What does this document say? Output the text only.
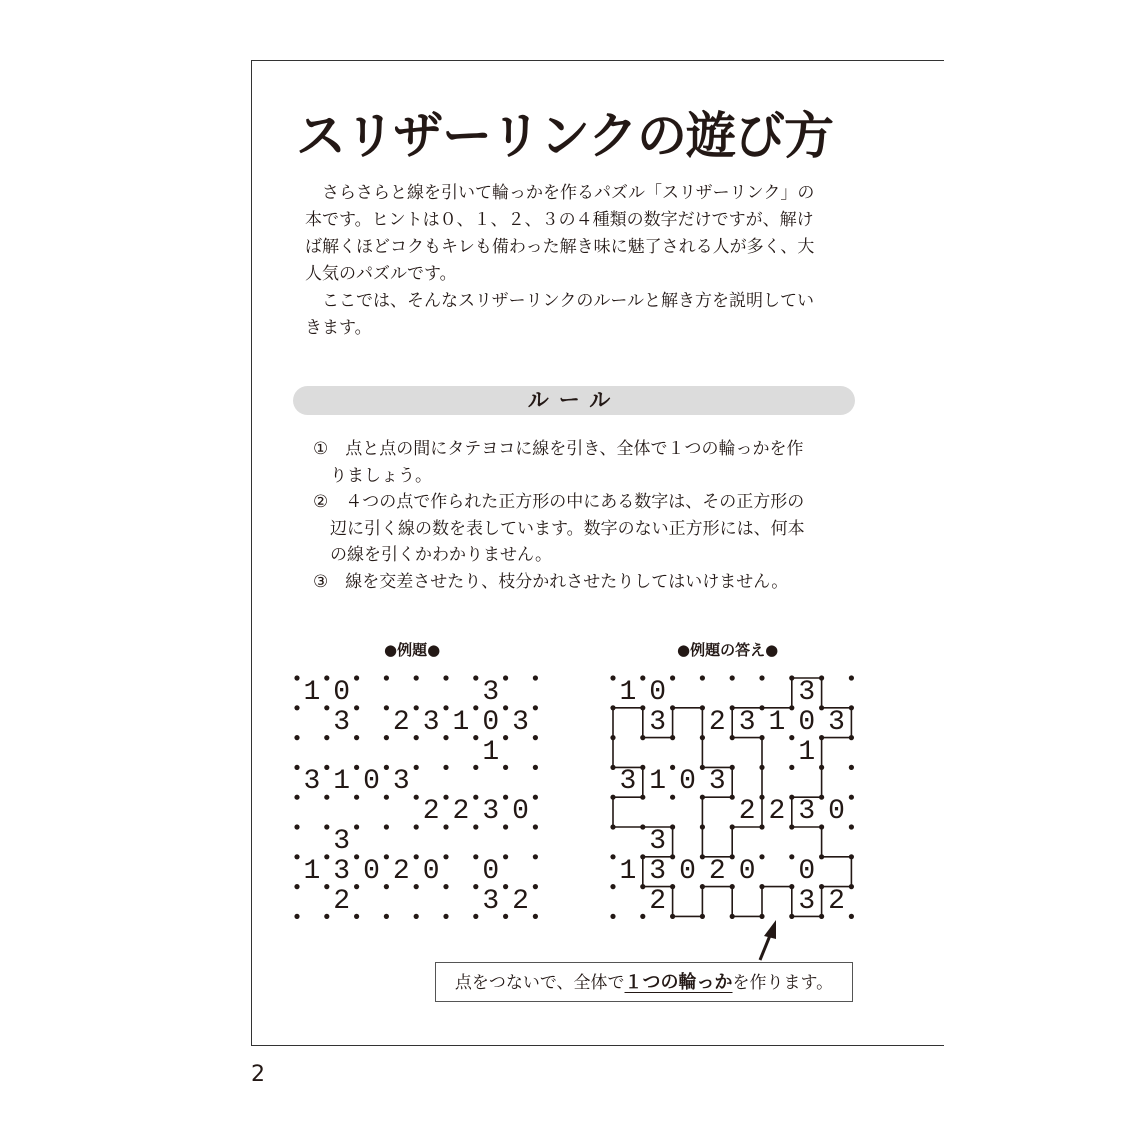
スリザーリンクの遊び方
　さらさらと線を引いて輪っかを作るパズル「スリザーリンク」の
本です。ヒントは０、１、２、３の４種類の数字だけですが、解け
ば解くほどコクもキレも備わった解き味に魅了される人が多く、大
人気のパズルです。
　ここでは、そんなスリザーリンクのルールと解き方を説明してい
きます。
ルール
①　点と点の間にタテヨコに線を引き、全体で１つの輪っかを作
　りましょう。
②　４つの点で作られた正方形の中にある数字は、その正方形の
　辺に引く線の数を表しています。数字のない正方形には、何本
　の線を引くかわかりません。
③　線を交差させたり、枝分かれさせたりしてはいけません。
●例題●	●例題の答え●
10    3
3 23103
1
3103
2230
3
13020 0
2    32
10    3
3 23103
1
3103
2230
3
13020 0
2    32
点をつないで、全体で１つの輪っかを作ります。
2
